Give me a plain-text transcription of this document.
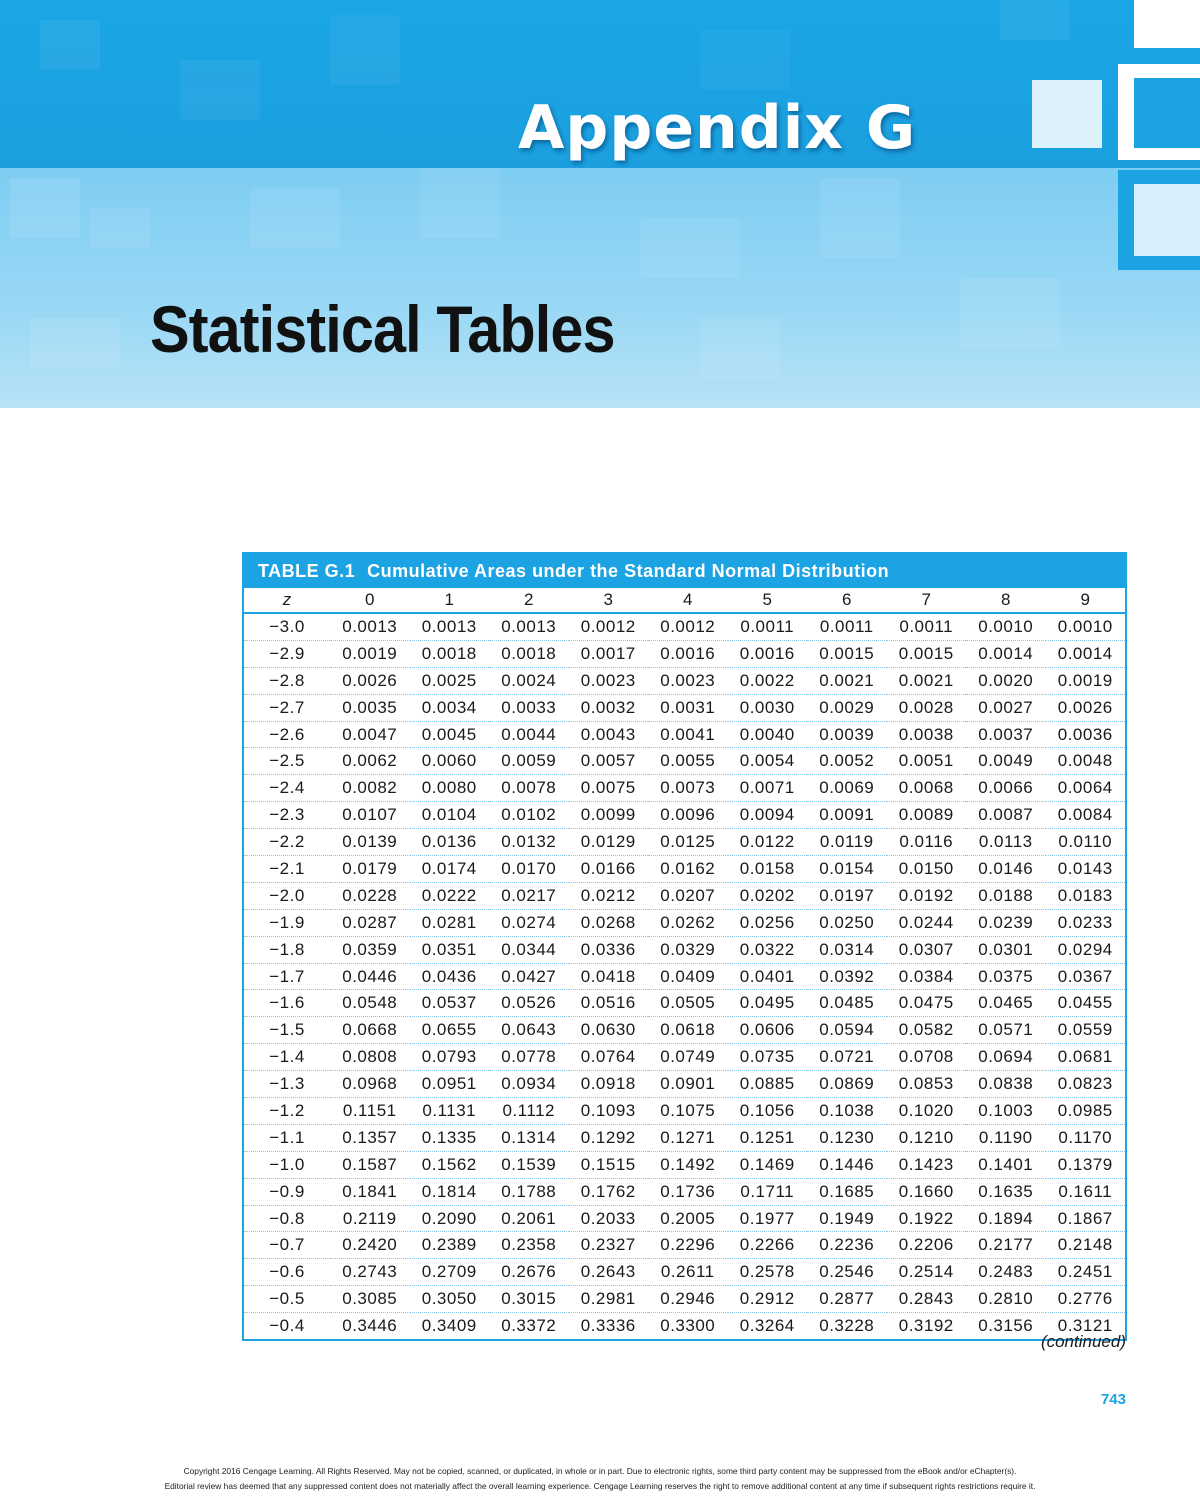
Appendix G
Statistical Tables
TABLE G.1 Cumulative Areas under the Standard Normal Distribution
z	0	1	2	3	4	5	6	7	8	9
−3.0	0.0013	0.0013	0.0013	0.0012	0.0012	0.0011	0.0011	0.0011	0.0010	0.0010
−2.9	0.0019	0.0018	0.0018	0.0017	0.0016	0.0016	0.0015	0.0015	0.0014	0.0014
−2.8	0.0026	0.0025	0.0024	0.0023	0.0023	0.0022	0.0021	0.0021	0.0020	0.0019
−2.7	0.0035	0.0034	0.0033	0.0032	0.0031	0.0030	0.0029	0.0028	0.0027	0.0026
−2.6	0.0047	0.0045	0.0044	0.0043	0.0041	0.0040	0.0039	0.0038	0.0037	0.0036
−2.5	0.0062	0.0060	0.0059	0.0057	0.0055	0.0054	0.0052	0.0051	0.0049	0.0048
−2.4	0.0082	0.0080	0.0078	0.0075	0.0073	0.0071	0.0069	0.0068	0.0066	0.0064
−2.3	0.0107	0.0104	0.0102	0.0099	0.0096	0.0094	0.0091	0.0089	0.0087	0.0084
−2.2	0.0139	0.0136	0.0132	0.0129	0.0125	0.0122	0.0119	0.0116	0.0113	0.0110
−2.1	0.0179	0.0174	0.0170	0.0166	0.0162	0.0158	0.0154	0.0150	0.0146	0.0143
−2.0	0.0228	0.0222	0.0217	0.0212	0.0207	0.0202	0.0197	0.0192	0.0188	0.0183
−1.9	0.0287	0.0281	0.0274	0.0268	0.0262	0.0256	0.0250	0.0244	0.0239	0.0233
−1.8	0.0359	0.0351	0.0344	0.0336	0.0329	0.0322	0.0314	0.0307	0.0301	0.0294
−1.7	0.0446	0.0436	0.0427	0.0418	0.0409	0.0401	0.0392	0.0384	0.0375	0.0367
−1.6	0.0548	0.0537	0.0526	0.0516	0.0505	0.0495	0.0485	0.0475	0.0465	0.0455
−1.5	0.0668	0.0655	0.0643	0.0630	0.0618	0.0606	0.0594	0.0582	0.0571	0.0559
−1.4	0.0808	0.0793	0.0778	0.0764	0.0749	0.0735	0.0721	0.0708	0.0694	0.0681
−1.3	0.0968	0.0951	0.0934	0.0918	0.0901	0.0885	0.0869	0.0853	0.0838	0.0823
−1.2	0.1151	0.1131	0.1112	0.1093	0.1075	0.1056	0.1038	0.1020	0.1003	0.0985
−1.1	0.1357	0.1335	0.1314	0.1292	0.1271	0.1251	0.1230	0.1210	0.1190	0.1170
−1.0	0.1587	0.1562	0.1539	0.1515	0.1492	0.1469	0.1446	0.1423	0.1401	0.1379
−0.9	0.1841	0.1814	0.1788	0.1762	0.1736	0.1711	0.1685	0.1660	0.1635	0.1611
−0.8	0.2119	0.2090	0.2061	0.2033	0.2005	0.1977	0.1949	0.1922	0.1894	0.1867
−0.7	0.2420	0.2389	0.2358	0.2327	0.2296	0.2266	0.2236	0.2206	0.2177	0.2148
−0.6	0.2743	0.2709	0.2676	0.2643	0.2611	0.2578	0.2546	0.2514	0.2483	0.2451
−0.5	0.3085	0.3050	0.3015	0.2981	0.2946	0.2912	0.2877	0.2843	0.2810	0.2776
−0.4	0.3446	0.3409	0.3372	0.3336	0.3300	0.3264	0.3228	0.3192	0.3156	0.3121
(continued)
743
Copyright 2016 Cengage Learning. All Rights Reserved. May not be copied, scanned, or duplicated, in whole or in part. Due to electronic rights, some third party content may be suppressed from the eBook and/or eChapter(s).
Editorial review has deemed that any suppressed content does not materially affect the overall learning experience. Cengage Learning reserves the right to remove additional content at any time if subsequent rights restrictions require it.
